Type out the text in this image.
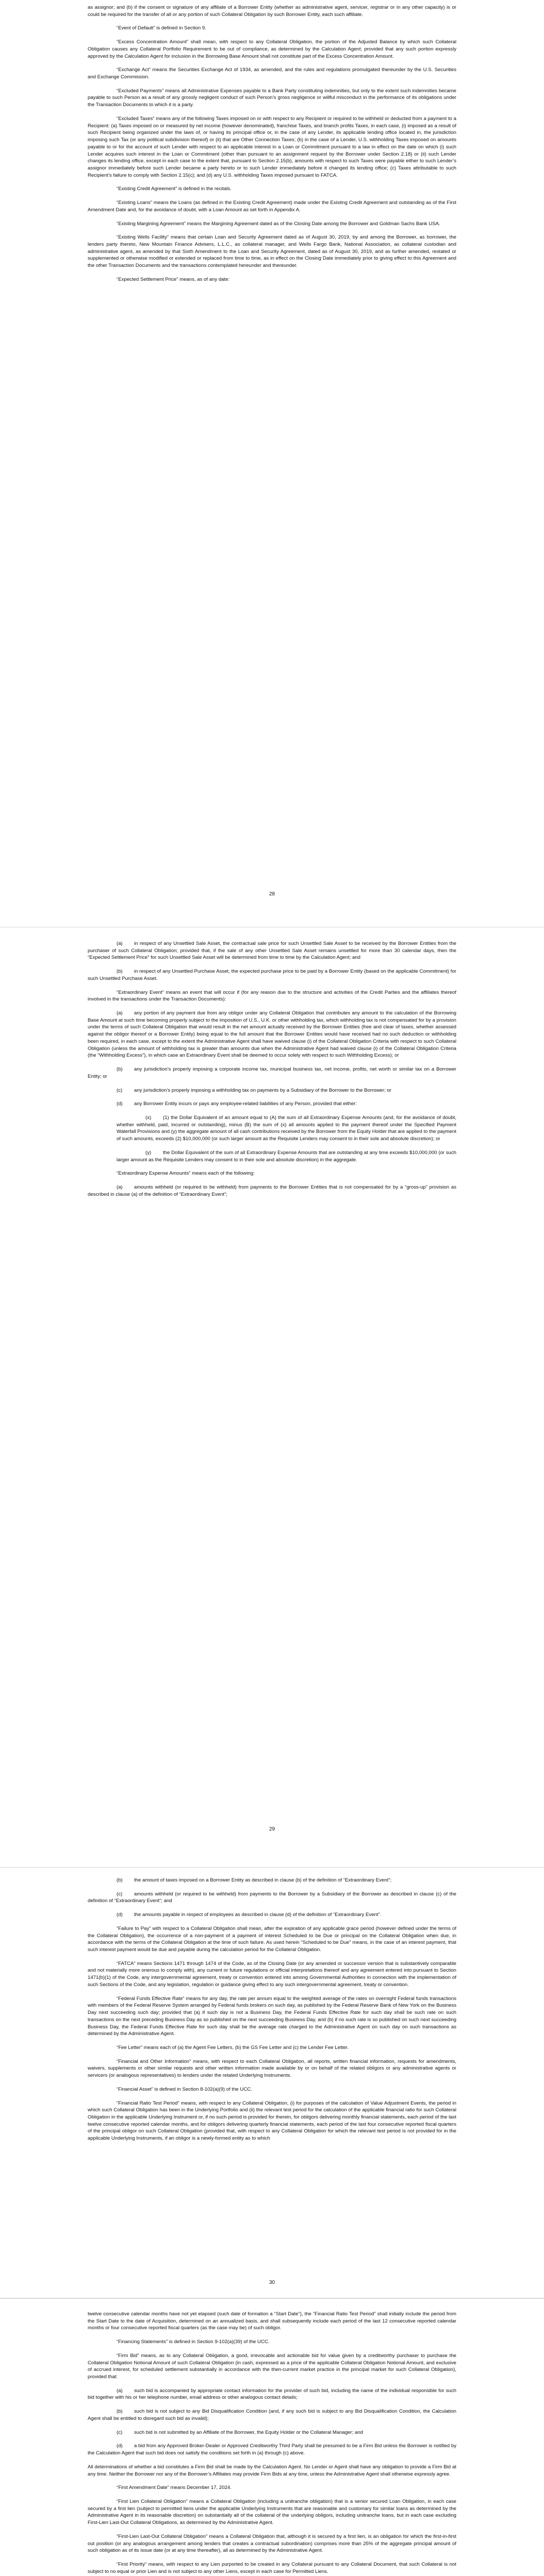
as assignor; and (b) if the consent or signature of any affiliate of a Borrower Entity (whether as administrative agent, servicer, registrar or in any other capacity) is or could be required for the transfer of all or any portion of such Collateral Obligation by such Borrower Entity, each such affiliate.

“Event of Default” is defined in Section 9.

“Excess Concentration Amount” shall mean, with respect to any Collateral Obligation, the portion of the Adjusted Balance by which such Collateral Obligation causes any Collateral Portfolio Requirement to be out of compliance, as determined by the Calculation Agent; provided that any such portion expressly approved by the Calculation Agent for inclusion in the Borrowing Base Amount shall not constitute part of the Excess Concentration Amount.

“Exchange Act” means the Securities Exchange Act of 1934, as amended, and the rules and regulations promulgated thereunder by the U.S. Securities and Exchange Commission.

“Excluded Payments” means all Administrative Expenses payable to a Bank Party constituting indemnities, but only to the extent such indemnities became payable to such Person as a result of any grossly negligent conduct of such Person’s gross negligence or willful misconduct in the performance of its obligations under the Transaction Documents to which it is a party.

“Excluded Taxes” means any of the following Taxes imposed on or with respect to any Recipient or required to be withheld or deducted from a payment to a Recipient: (a) Taxes imposed on or measured by net income (however denominated), franchise Taxes, and branch profits Taxes, in each case, (i) imposed as a result of such Recipient being organized under the laws of, or having its principal office or, in the case of any Lender, its applicable lending office located in, the jurisdiction imposing such Tax (or any political subdivision thereof) or (ii) that are Other Connection Taxes; (b) in the case of a Lender, U.S. withholding Taxes imposed on amounts payable to or for the account of such Lender with respect to an applicable interest in a Loan or Commitment pursuant to a law in effect on the date on which (i) such Lender acquires such interest in the Loan or Commitment (other than pursuant to an assignment request by the Borrower under Section 2.18) or (ii) such Lender changes its lending office, except in each case to the extent that, pursuant to Section 2.15(b), amounts with respect to such Taxes were payable either to such Lender’s assignor immediately before such Lender became a party hereto or to such Lender immediately before it changed its lending office; (c) Taxes attributable to such Recipient’s failure to comply with Section 2.15(c); and (d) any U.S. withholding Taxes imposed pursuant to FATCA.

“Existing Credit Agreement” is defined in the recitals.

“Existing Loans” means the Loans (as defined in the Existing Credit Agreement) made under the Existing Credit Agreement and outstanding as of the First Amendment Date and, for the avoidance of doubt, with a Loan Amount as set forth in Appendix A.

“Existing Margining Agreement” means the Margining Agreement dated as of the Closing Date among the Borrower and Goldman Sachs Bank USA.

“Existing Wells Facility” means that certain Loan and Security Agreement dated as of August 30, 2019, by and among the Borrower, as borrower, the lenders party thereto, New Mountain Finance Advisers, L.L.C., as collateral manager, and Wells Fargo Bank, National Association, as collateral custodian and administrative agent, as amended by that Sixth Amendment to the Loan and Security Agreement, dated as of August 30, 2019, and as further amended, restated or supplemented or otherwise modified or extended or replaced from time to time, as in effect on the Closing Date immediately prior to giving effect to this Agreement and the other Transaction Documents and the transactions contemplated hereunder and thereunder.

“Expected Settlement Price” means, as of any date:

28

(a) in respect of any Unsettled Sale Asset, the contractual sale price for such Unsettled Sale Asset to be received by the Borrower Entities from the purchaser of such Collateral Obligation; provided that, if the sale of any other Unsettled Sale Asset remains unsettled for more than 30 calendar days, then the “Expected Settlement Price” for such Unsettled Sale Asset will be determined from time to time by the Calculation Agent; and

(b) in respect of any Unsettled Purchase Asset, the expected purchase price to be paid by a Borrower Entity (based on the applicable Commitment) for such Unsettled Purchase Asset.

“Extraordinary Event” means an event that will occur if (for any reason due to the structure and activities of the Credit Parties and the affiliates thereof involved in the transactions under the Transaction Documents):

(a) any portion of any payment due from any obligor under any Collateral Obligation that contributes any amount to the calculation of the Borrowing Base Amount at such time becoming properly subject to the imposition of U.S., U.K. or other withholding tax, which withholding tax is not compensated for by a provision under the terms of such Collateral Obligation that would result in the net amount actually received by the Borrower Entities (free and clear of taxes, whether assessed against the obligor thereof or a Borrower Entity) being equal to the full amount that the Borrower Entities would have received had no such deduction or withholding been required, in each case, except to the extent the Administrative Agent shall have waived clause (i) of the Collateral Obligation Criteria with respect to such Collateral Obligation (unless the amount of withholding tax is greater than amounts due when the Administrative Agent had waived clause (i) of the Collateral Obligation Criteria (the “Withholding Excess”), in which case an Extraordinary Event shall be deemed to occur solely with respect to such Withholding Excess); or

(b) any jurisdiction’s properly imposing a corporate income tax, municipal business tax, net income, profits, net worth or similar tax on a Borrower Entity; or

(c) any jurisdiction’s properly imposing a withholding tax on payments by a Subsidiary of the Borrower to the Borrower; or

(d) any Borrower Entity incurs or pays any employee-related liabilities of any Person, provided that either:

(x) (1) the Dollar Equivalent of an amount equal to (A) the sum of all Extraordinary Expense Amounts (and, for the avoidance of doubt, whether withheld, paid, incurred or outstanding), minus (B) the sum of (x) all amounts applied to the payment thereof under the Specified Payment Waterfall Provisions and (y) the aggregate amount of all cash contributions received by the Borrower from the Equity Holder that are applied to the payment of such amounts, exceeds (2) $10,000,000 (or such larger amount as the Requisite Lenders may consent to in their sole and absolute discretion); or

(y) the Dollar Equivalent of the sum of all Extraordinary Expense Amounts that are outstanding at any time exceeds $10,000,000 (or such larger amount as the Requisite Lenders may consent to in their sole and absolute discretion) in the aggregate.

“Extraordinary Expense Amounts” means each of the following:

(a) amounts withheld (or required to be withheld) from payments to the Borrower Entities that is not compensated for by a “gross-up” provision as described in clause (a) of the definition of “Extraordinary Event”;

29

(b) the amount of taxes imposed on a Borrower Entity as described in clause (b) of the definition of “Extraordinary Event”;

(c) amounts withheld (or required to be withheld) from payments to the Borrower by a Subsidiary of the Borrower as described in clause (c) of the definition of “Extraordinary Event”; and

(d) the amounts payable in respect of employees as described in clause (d) of the definition of “Extraordinary Event”.

“Failure to Pay” with respect to a Collateral Obligation shall mean, after the expiration of any applicable grace period (however defined under the terms of the Collateral Obligation), the occurrence of a non-payment of a payment of interest Scheduled to be Due or principal on the Collateral Obligation when due, in accordance with the terms of the Collateral Obligation at the time of such failure. As used herein “Scheduled to be Due” means, in the case of an interest payment, that such interest payment would be due and payable during the calculation period for the Collateral Obligation.

“FATCA” means Sections 1471 through 1474 of the Code, as of the Closing Date (or any amended or successor version that is substantively comparable and not materially more onerous to comply with), any current or future regulations or official interpretations thereof and any agreement entered into pursuant to Section 1471(b)(1) of the Code, any intergovernmental agreement, treaty or convention entered into among Governmental Authorities in connection with the implementation of such Sections of the Code, and any legislation, regulation or guidance giving effect to any such intergovernmental agreement, treaty or convention.

“Federal Funds Effective Rate” means for any day, the rate per annum equal to the weighted average of the rates on overnight Federal funds transactions with members of the Federal Reserve System arranged by Federal funds brokers on such day, as published by the Federal Reserve Bank of New York on the Business Day next succeeding such day; provided that (a) if such day is not a Business Day, the Federal Funds Effective Rate for such day shall be such rate on such transactions on the next preceding Business Day as so published on the next succeeding Business Day, and (b) if no such rate is so published on such next succeeding Business Day, the Federal Funds Effective Rate for such day shall be the average rate charged to the Administrative Agent on such day on such transactions as determined by the Administrative Agent.

“Fee Letter” means each of (a) the Agent Fee Letters, (b) the GS Fee Letter and (c) the Lender Fee Letter.

“Financial and Other Information” means, with respect to each Collateral Obligation, all reports, written financial information, requests for amendments, waivers, supplements or other similar requests and other written information made available by or on behalf of the related obligors or any administrative agents or servicers (or analogous representatives) to lenders under the related Underlying Instruments.

“Financial Asset” is defined in Section 8-102(a)(9) of the UCC.

“Financial Ratio Test Period” means, with respect to any Collateral Obligation, (i) for purposes of the calculation of Value Adjustment Events, the period in which such Collateral Obligation has been in the Underlying Portfolio and (ii) the relevant test period for the calculation of the applicable financial ratio for such Collateral Obligation in the applicable Underlying Instrument or, if no such period is provided for therein, for obligors delivering monthly financial statements, each period of the last twelve consecutive reported calendar months, and for obligors delivering quarterly financial statements, each period of the last four consecutive reported fiscal quarters of the principal obligor on such Collateral Obligation (provided that, with respect to any Collateral Obligation for which the relevant test period is not provided for in the applicable Underlying Instruments, if an obligor is a newly-formed entity as to which

30

twelve consecutive calendar months have not yet elapsed (such date of formation a “Start Date”), the “Financial Ratio Test Period” shall initially include the period from the Start Date to the date of Acquisition, determined on an annualized basis, and shall subsequently include each period of the last 12 consecutive reported calendar months or four consecutive reported fiscal quarters (as the case may be) of such obligor.

“Financing Statements” is defined in Section 9-102(a)(39) of the UCC.

“Firm Bid” means, as to any Collateral Obligation, a good, irrevocable and actionable bid for value given by a creditworthy purchaser to purchase the Collateral Obligation Notional Amount of such Collateral Obligation (in cash, expressed as a price of the applicable Collateral Obligation Notional Amount, and exclusive of accrued interest, for scheduled settlement substantially in accordance with the then-current market practice in the principal market for such Collateral Obligation), provided that:

(a) such bid is accompanied by appropriate contact information for the provider of such bid, including the name of the individual responsible for such bid together with his or her telephone number, email address or other analogous contact details;

(b) such bid is not subject to any Bid Disqualification Condition (and, if any such bid is subject to any Bid Disqualification Condition, the Calculation Agent shall be entitled to disregard such bid as invalid);

(c) such bid is not submitted by an Affiliate of the Borrower, the Equity Holder or the Collateral Manager; and

(d) a bid from any Approved Broker-Dealer or Approved Creditworthy Third Party shall be presumed to be a Firm Bid unless the Borrower is notified by the Calculation Agent that such bid does not satisfy the conditions set forth in (a) through (c) above.

All determinations of whether a bid constitutes a Firm Bid shall be made by the Calculation Agent. No Lender or Agent shall have any obligation to provide a Firm Bid at any time. Neither the Borrower nor any of the Borrower’s Affiliates may provide Firm Bids at any time, unless the Administrative Agent shall otherwise expressly agree.

“First Amendment Date” means December 17, 2024.

“First Lien Collateral Obligation” means a Collateral Obligation (including a unitranche obligation) that is a senior secured Loan Obligation, in each case secured by a first lien (subject to permitted liens under the applicable Underlying Instruments that are reasonable and customary for similar loans as determined by the Administrative Agent in its reasonable discretion) on substantially all of the collateral of the underlying obligors, including unitranche loans, but in each case excluding First-Lien Last-Out Collateral Obligations, as determined by the Administrative Agent.

“First-Lien Last-Out Collateral Obligation” means a Collateral Obligation that, although it is secured by a first lien, is an obligation for which the first-in-first out position (or any analogous arrangement among lenders that creates a contractual subordination) comprises more than 25% of the aggregate principal amount of such obligation as of its issue date (or at any time thereafter), all as determined by the Administrative Agent.

“First Priority” means, with respect to any Lien purported to be created in any Collateral pursuant to any Collateral Document, that such Collateral is not subject to no equal or prior Lien and is not subject to any other Liens, except in each case for Permitted Liens.
